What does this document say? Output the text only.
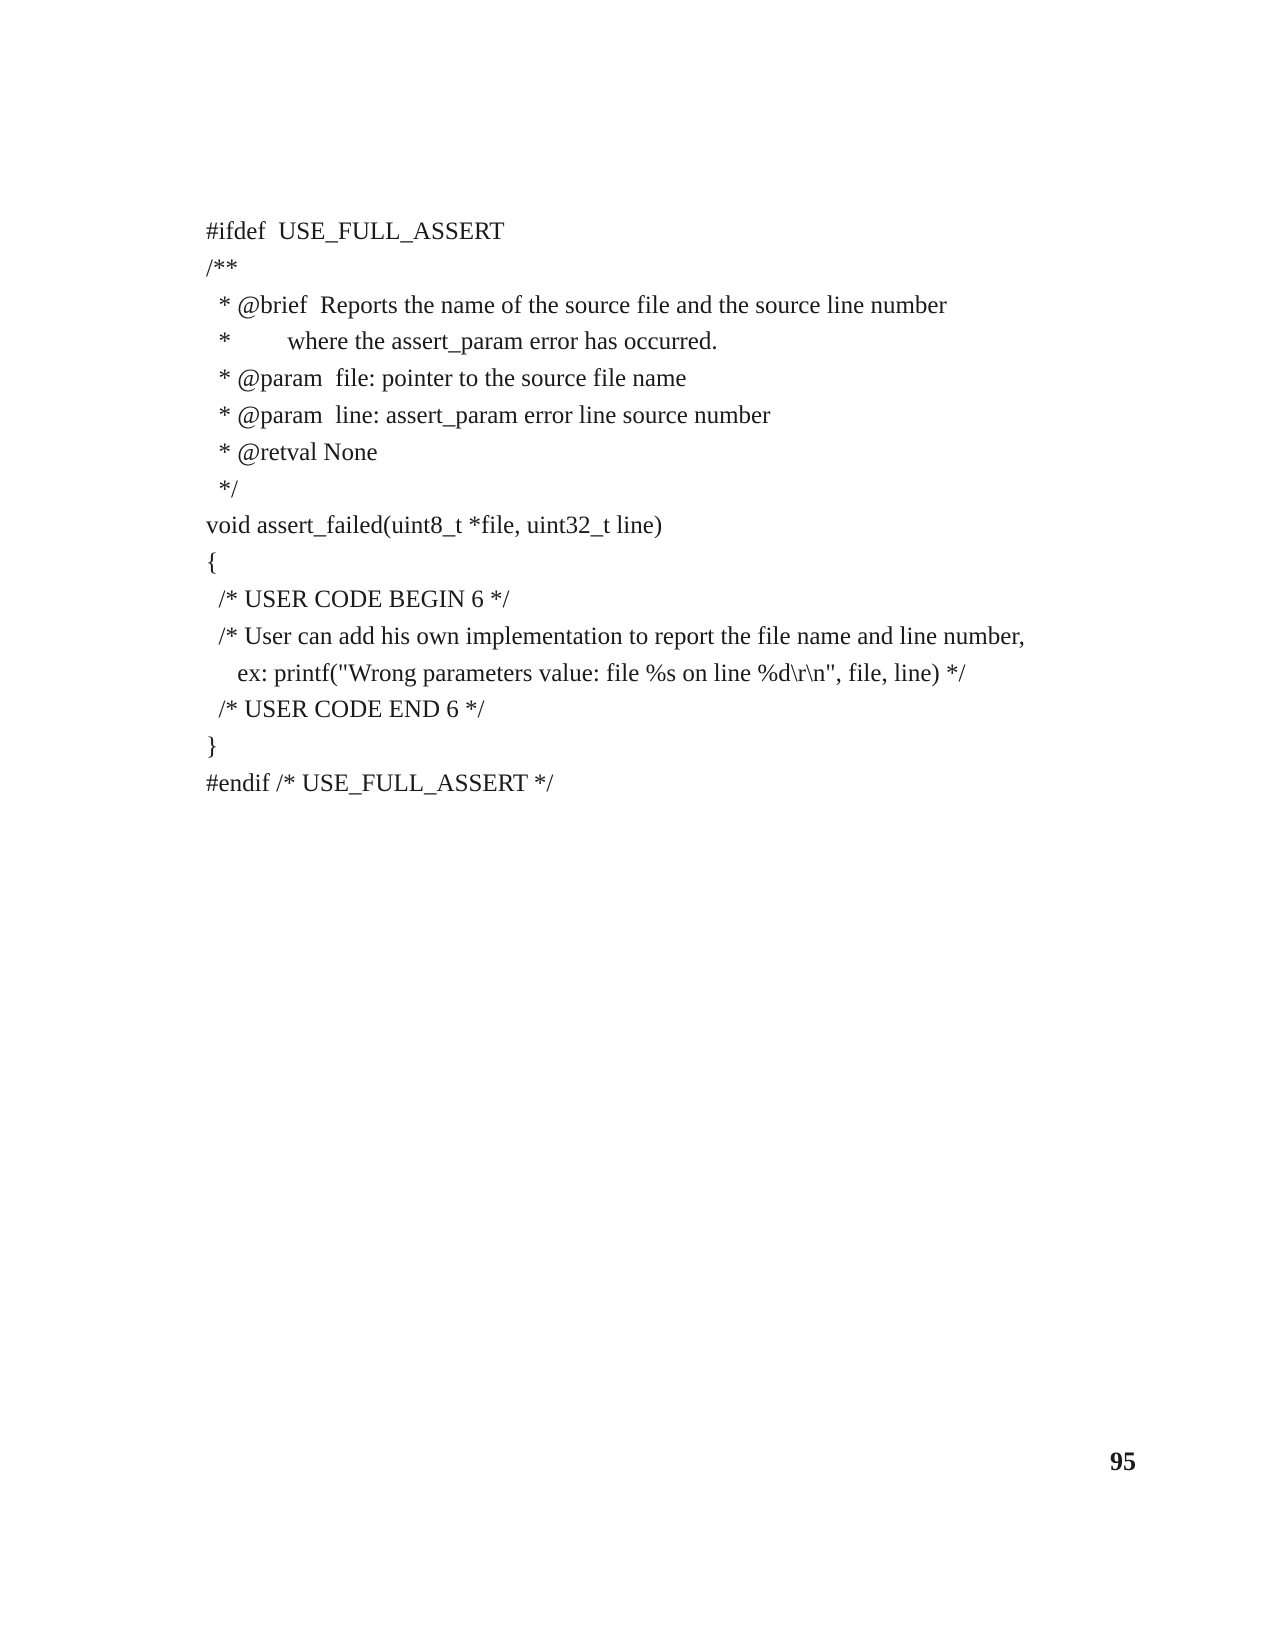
#ifdef  USE_FULL_ASSERT
/**
* @brief  Reports the name of the source file and the source line number
*         where the assert_param error has occurred.
* @param  file: pointer to the source file name
* @param  line: assert_param error line source number
* @retval None
*/
void assert_failed(uint8_t *file, uint32_t line)
{
/* USER CODE BEGIN 6 */
/* User can add his own implementation to report the file name and line number,
ex: printf("Wrong parameters value: file %s on line %d\r\n", file, line) */
/* USER CODE END 6 */
}
#endif /* USE_FULL_ASSERT */
95
